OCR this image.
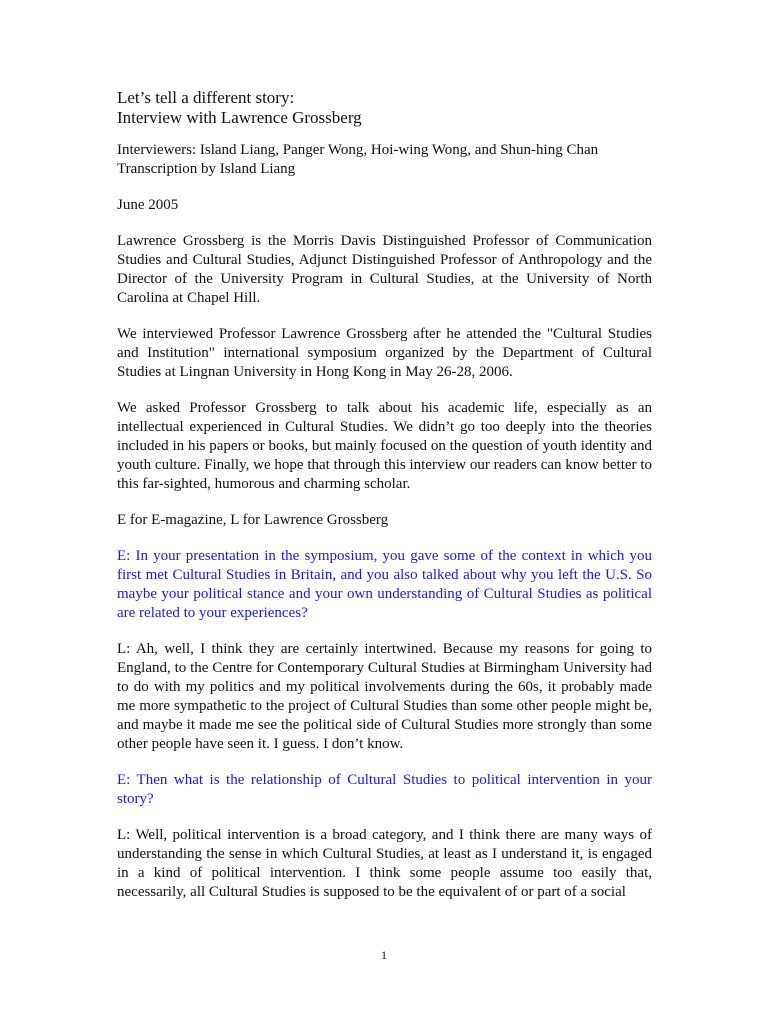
Let’s tell a different story:
Interview with Lawrence Grossberg

Interviewers: Island Liang, Panger Wong, Hoi-wing Wong, and Shun-hing Chan
Transcription by Island Liang

June 2005

Lawrence Grossberg is the Morris Davis Distinguished Professor of Communication Studies and Cultural Studies, Adjunct Distinguished Professor of Anthropology and the Director of the University Program in Cultural Studies, at the University of North Carolina at Chapel Hill.

We interviewed Professor Lawrence Grossberg after he attended the "Cultural Studies and Institution" international symposium organized by the Department of Cultural Studies at Lingnan University in Hong Kong in May 26-28, 2006.

We asked Professor Grossberg to talk about his academic life, especially as an intellectual experienced in Cultural Studies. We didn’t go too deeply into the theories included in his papers or books, but mainly focused on the question of youth identity and youth culture. Finally, we hope that through this interview our readers can know better to this far-sighted, humorous and charming scholar.

E for E-magazine, L for Lawrence Grossberg

E: In your presentation in the symposium, you gave some of the context in which you first met Cultural Studies in Britain, and you also talked about why you left the U.S. So maybe your political stance and your own understanding of Cultural Studies as political are related to your experiences?

L: Ah, well, I think they are certainly intertwined. Because my reasons for going to England, to the Centre for Contemporary Cultural Studies at Birmingham University had to do with my politics and my political involvements during the 60s, it probably made me more sympathetic to the project of Cultural Studies than some other people might be, and maybe it made me see the political side of Cultural Studies more strongly than some other people have seen it. I guess. I don’t know.

E: Then what is the relationship of Cultural Studies to political intervention in your story?

L: Well, political intervention is a broad category, and I think there are many ways of understanding the sense in which Cultural Studies, at least as I understand it, is engaged in a kind of political intervention. I think some people assume too easily that, necessarily, all Cultural Studies is supposed to be the equivalent of or part of a social

1
